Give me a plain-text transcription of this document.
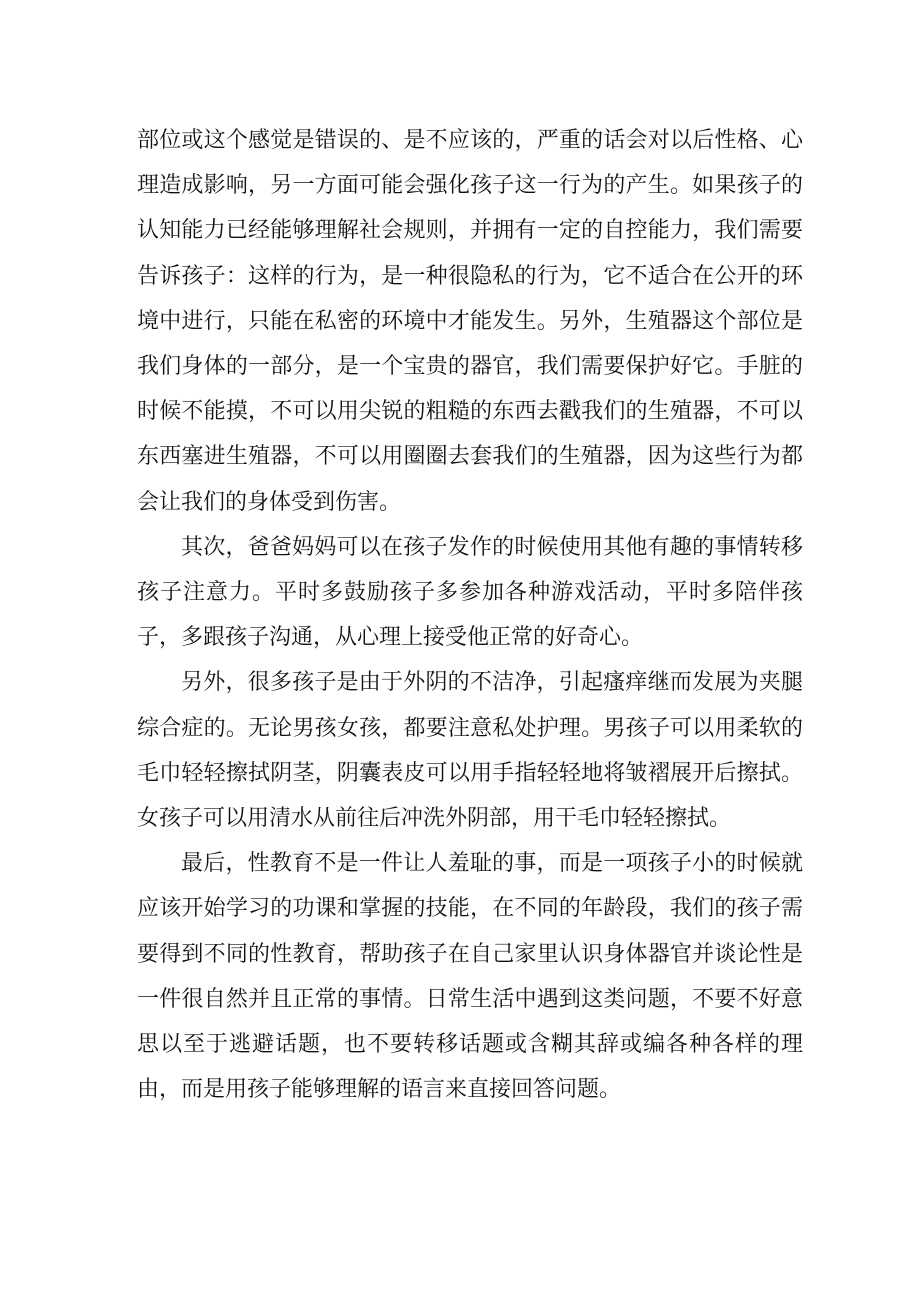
部位或这个感觉是错误的、是不应该的，严重的话会对以后性格、心理造成影响，另一方面可能会强化孩子这一行为的产生。如果孩子的认知能力已经能够理解社会规则，并拥有一定的自控能力，我们需要告诉孩子：这样的行为，是一种很隐私的行为，它不适合在公开的环境中进行，只能在私密的环境中才能发生。另外，生殖器这个部位是我们身体的一部分，是一个宝贵的器官，我们需要保护好它。手脏的时候不能摸，不可以用尖锐的粗糙的东西去戳我们的生殖器，不可以东西塞进生殖器，不可以用圈圈去套我们的生殖器，因为这些行为都会让我们的身体受到伤害。

其次，爸爸妈妈可以在孩子发作的时候使用其他有趣的事情转移孩子注意力。平时多鼓励孩子多参加各种游戏活动，平时多陪伴孩子，多跟孩子沟通，从心理上接受他正常的好奇心。

另外，很多孩子是由于外阴的不洁净，引起瘙痒继而发展为夹腿综合症的。无论男孩女孩，都要注意私处护理。男孩子可以用柔软的毛巾轻轻擦拭阴茎，阴囊表皮可以用手指轻轻地将皱褶展开后擦拭。女孩子可以用清水从前往后冲洗外阴部，用干毛巾轻轻擦拭。

最后，性教育不是一件让人羞耻的事，而是一项孩子小的时候就应该开始学习的功课和掌握的技能，在不同的年龄段，我们的孩子需要得到不同的性教育，帮助孩子在自己家里认识身体器官并谈论性是一件很自然并且正常的事情。日常生活中遇到这类问题，不要不好意思以至于逃避话题，也不要转移话题或含糊其辞或编各种各样的理由，而是用孩子能够理解的语言来直接回答问题。
